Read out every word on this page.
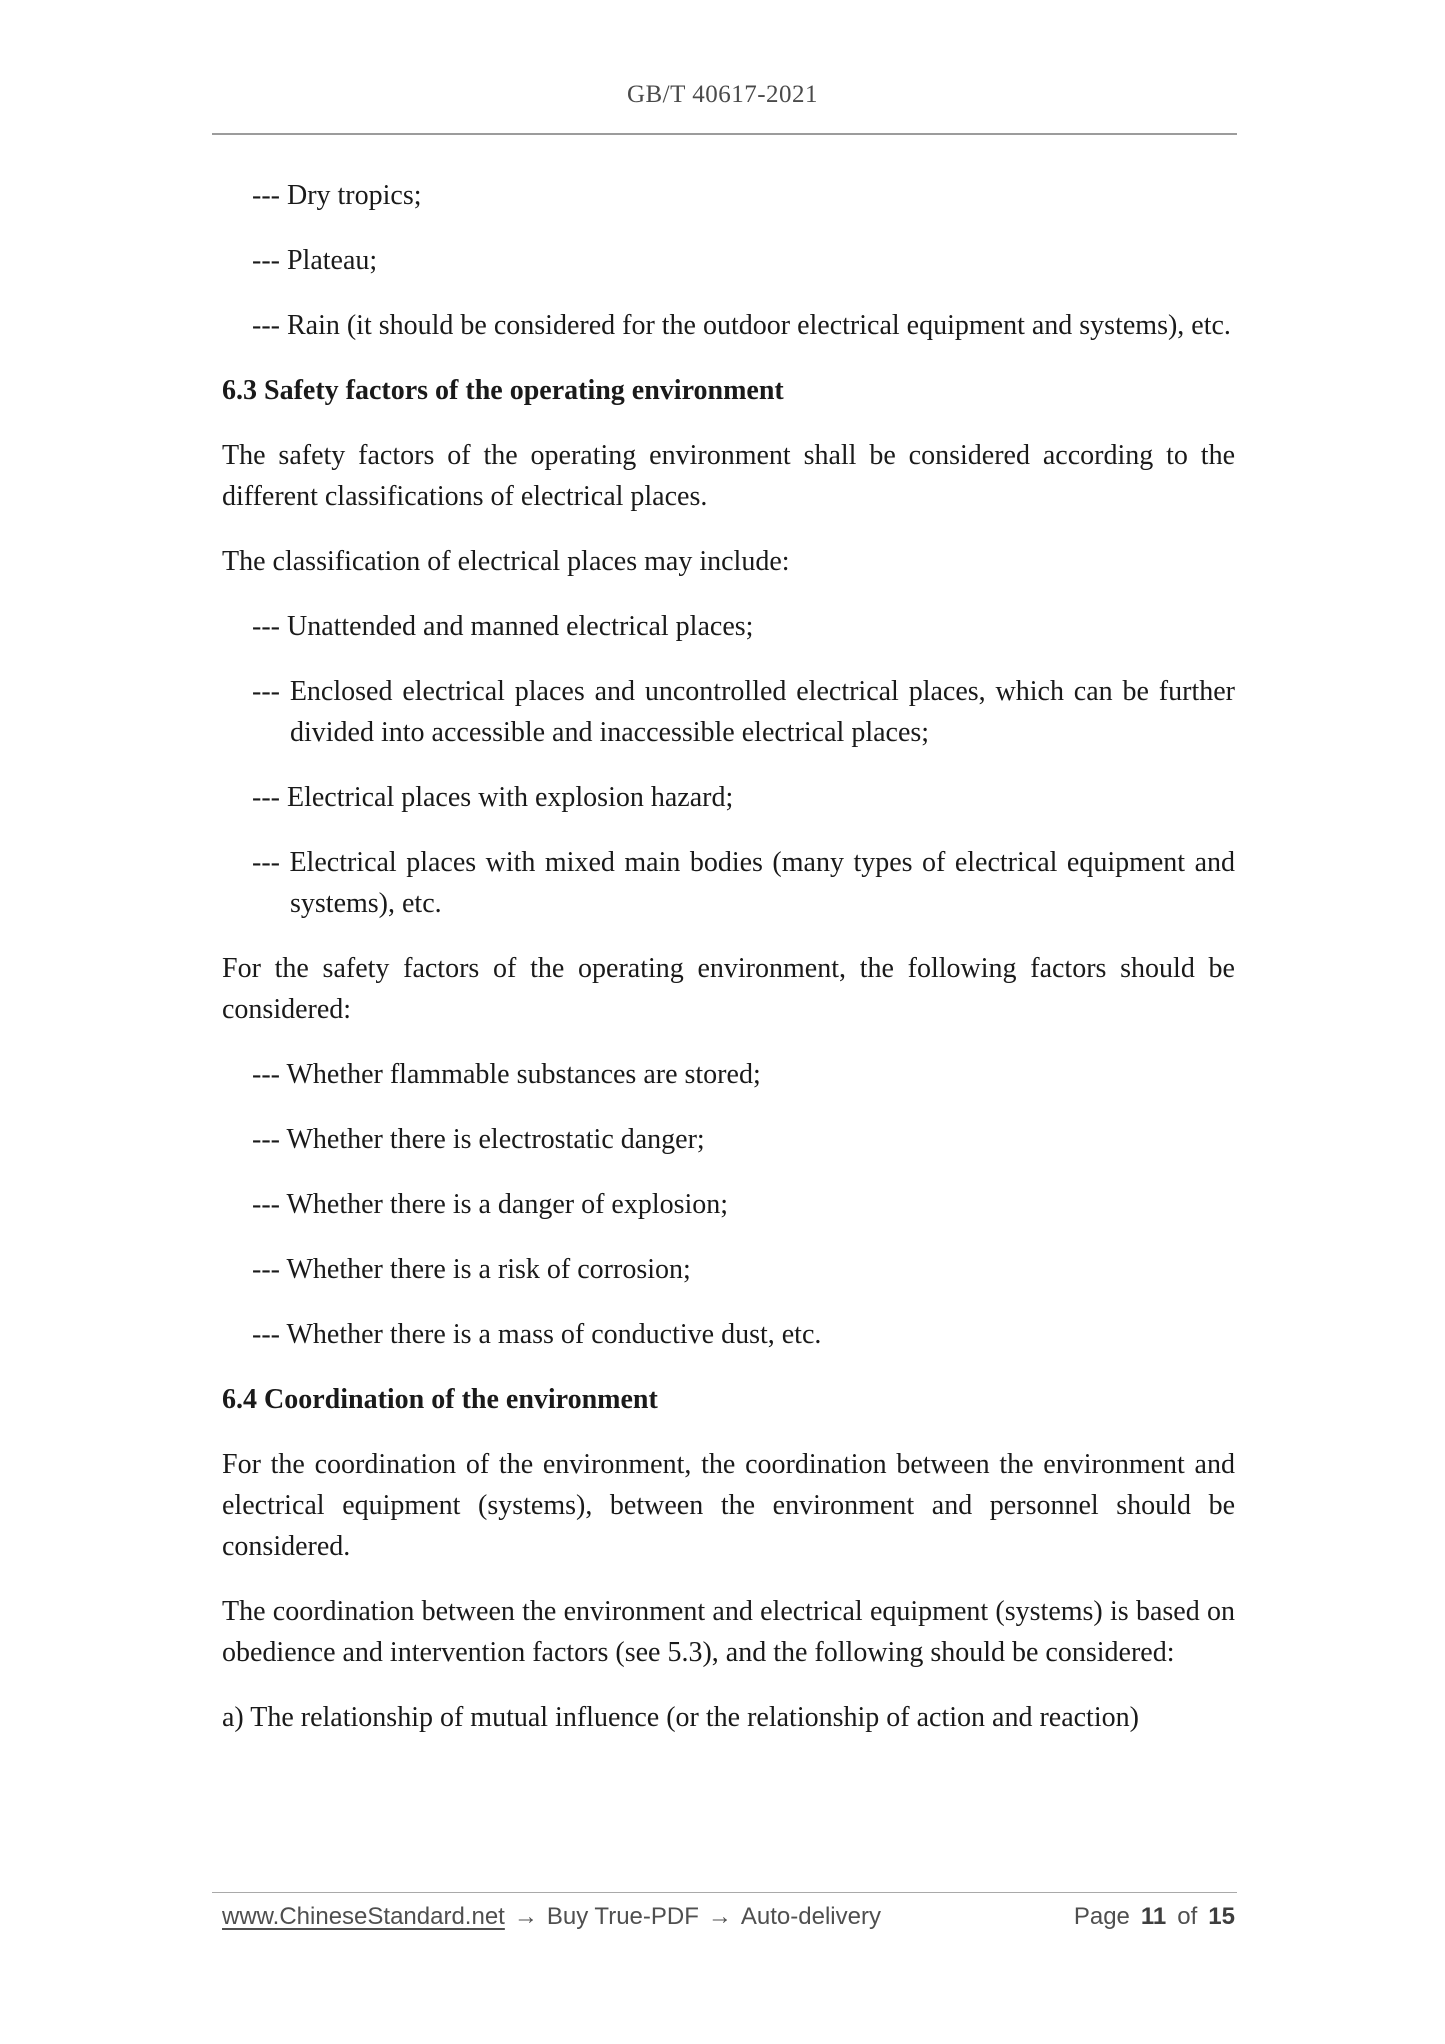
GB/T 40617-2021
--- Dry tropics;
--- Plateau;
--- Rain (it should be considered for the outdoor electrical equipment and systems), etc.
6.3 Safety factors of the operating environment

The safety factors of the operating environment shall be considered according to the different classifications of electrical places.

The classification of electrical places may include:

--- Unattended and manned electrical places;
--- Enclosed electrical places and uncontrolled electrical places, which can be further divided into accessible and inaccessible electrical places;
--- Electrical places with explosion hazard;
--- Electrical places with mixed main bodies (many types of electrical equipment and systems), etc.

For the safety factors of the operating environment, the following factors should be considered:

--- Whether flammable substances are stored;
--- Whether there is electrostatic danger;
--- Whether there is a danger of explosion;
--- Whether there is a risk of corrosion;
--- Whether there is a mass of conductive dust, etc.
6.4 Coordination of the environment

For the coordination of the environment, the coordination between the environment and electrical equipment (systems), between the environment and personnel should be considered.

The coordination between the environment and electrical equipment (systems) is based on obedience and intervention factors (see 5.3), and the following should be considered:

a) The relationship of mutual influence (or the relationship of action and reaction)

www.ChineseStandard.net → Buy True-PDF → Auto-delivery	Page 11 of 15
